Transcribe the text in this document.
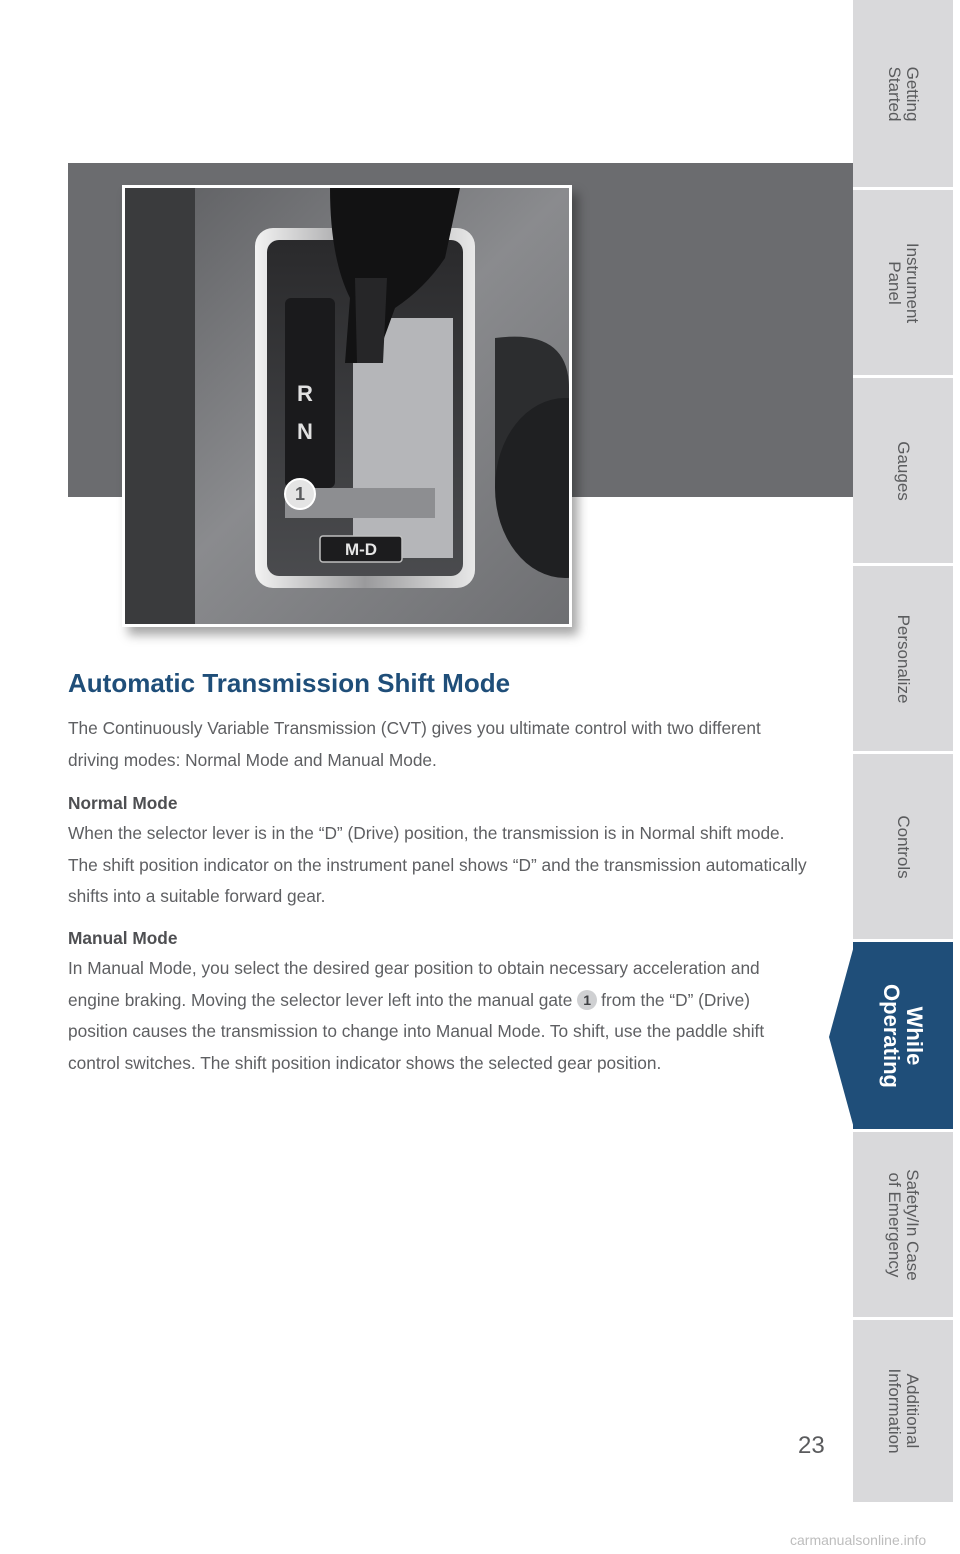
R
N
M-D
1
Automatic Transmission Shift Mode

The Continuously Variable Transmission (CVT) gives you ultimate control with two different driving modes: Normal Mode and Manual Mode.

Normal Mode

When the selector lever is in the “D” (Drive) position, the transmission is in Normal shift mode. The shift position indicator on the instrument panel shows “D” and the transmission automatically shifts into a suitable forward gear.

Manual Mode

In Manual Mode, you select the desired gear position to obtain necessary acceleration and engine braking. Moving the selector lever left into the manual gate 1 from the “D” (Drive) position causes the transmission to change into Manual Mode. To shift, use the paddle shift control switches. The shift position indicator shows the selected gear position.

23
carmanualsonline.info
Getting
Started
Instrument
Panel
Gauges
Personalize
Controls
While
Operating
Safety/In Case
of Emergency
Additional
Information
